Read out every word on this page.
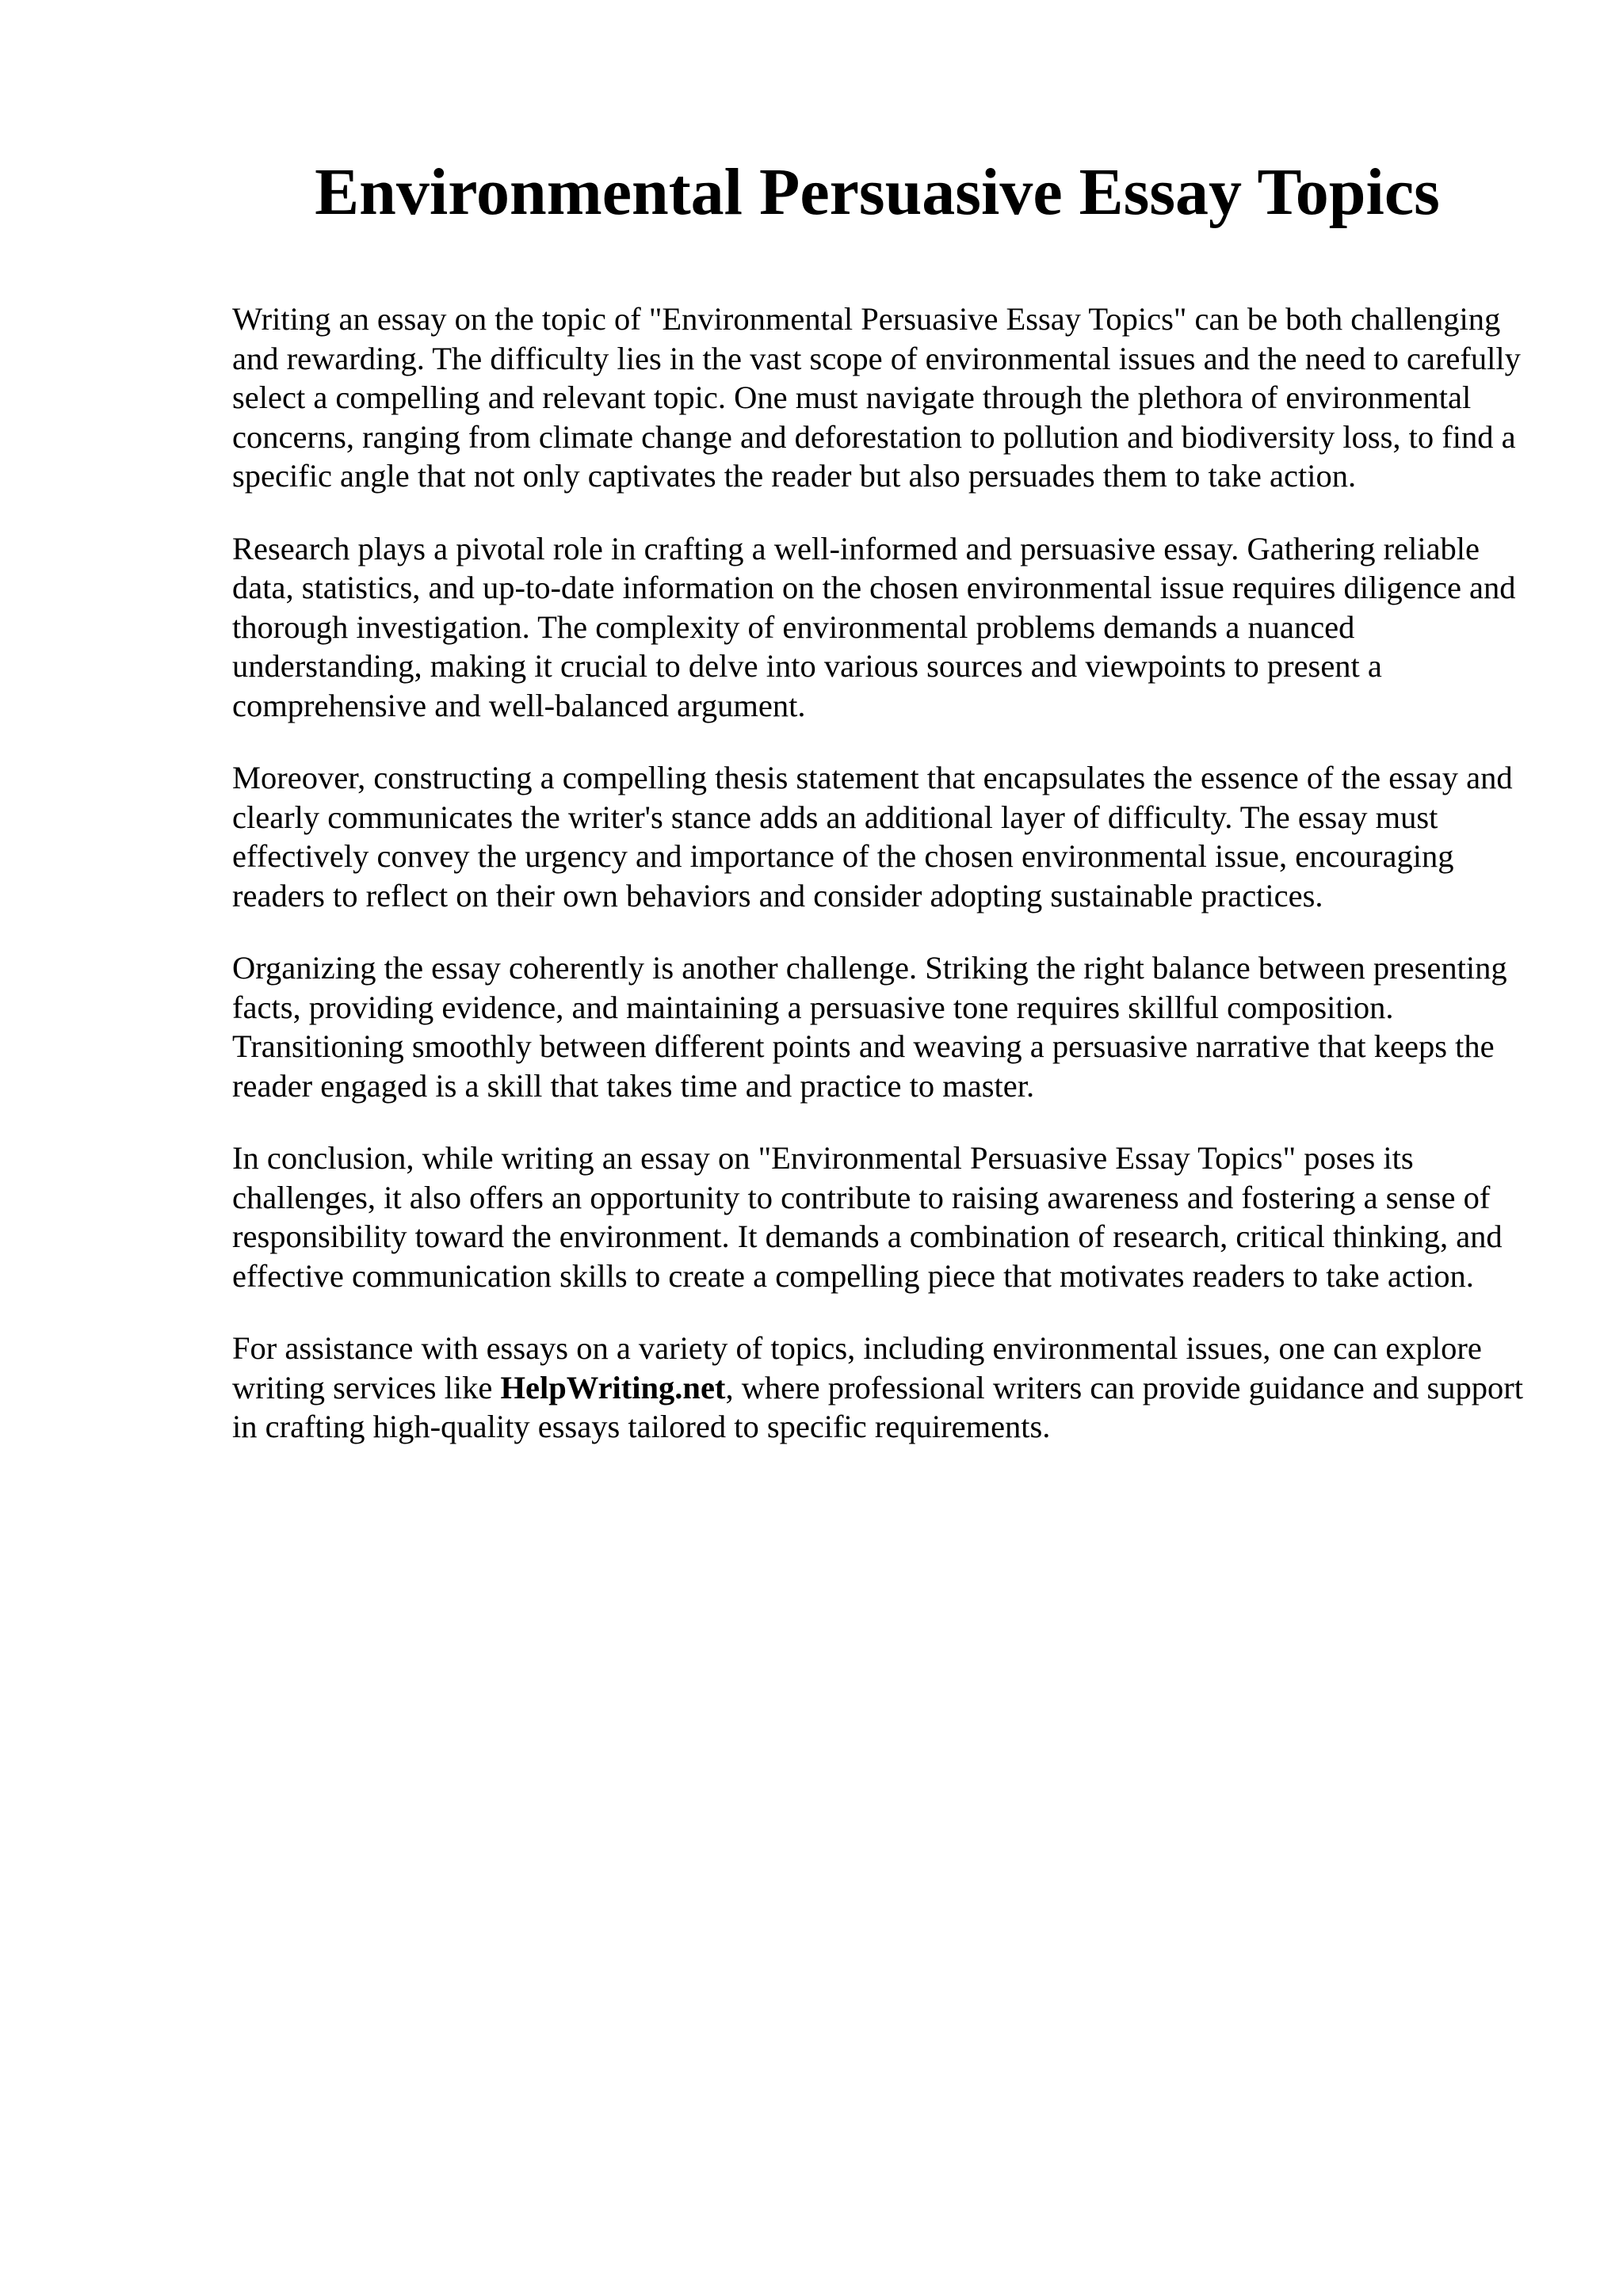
Environmental Persuasive Essay Topics

Writing an essay on the topic of "Environmental Persuasive Essay Topics" can be both challenging and rewarding. The difficulty lies in the vast scope of environmental issues and the need to carefully select a compelling and relevant topic. One must navigate through the plethora of environmental concerns, ranging from climate change and deforestation to pollution and biodiversity loss, to find a specific angle that not only captivates the reader but also persuades them to take action.

Research plays a pivotal role in crafting a well-informed and persuasive essay. Gathering reliable data, statistics, and up-to-date information on the chosen environmental issue requires diligence and thorough investigation. The complexity of environmental problems demands a nuanced understanding, making it crucial to delve into various sources and viewpoints to present a comprehensive and well-balanced argument.

Moreover, constructing a compelling thesis statement that encapsulates the essence of the essay and clearly communicates the writer's stance adds an additional layer of difficulty. The essay must effectively convey the urgency and importance of the chosen environmental issue, encouraging readers to reflect on their own behaviors and consider adopting sustainable practices.

Organizing the essay coherently is another challenge. Striking the right balance between presenting facts, providing evidence, and maintaining a persuasive tone requires skillful composition. Transitioning smoothly between different points and weaving a persuasive narrative that keeps the reader engaged is a skill that takes time and practice to master.

In conclusion, while writing an essay on "Environmental Persuasive Essay Topics" poses its challenges, it also offers an opportunity to contribute to raising awareness and fostering a sense of responsibility toward the environment. It demands a combination of research, critical thinking, and effective communication skills to create a compelling piece that motivates readers to take action.

For assistance with essays on a variety of topics, including environmental issues, one can explore writing services like HelpWriting.net, where professional writers can provide guidance and support in crafting high-quality essays tailored to specific requirements.
